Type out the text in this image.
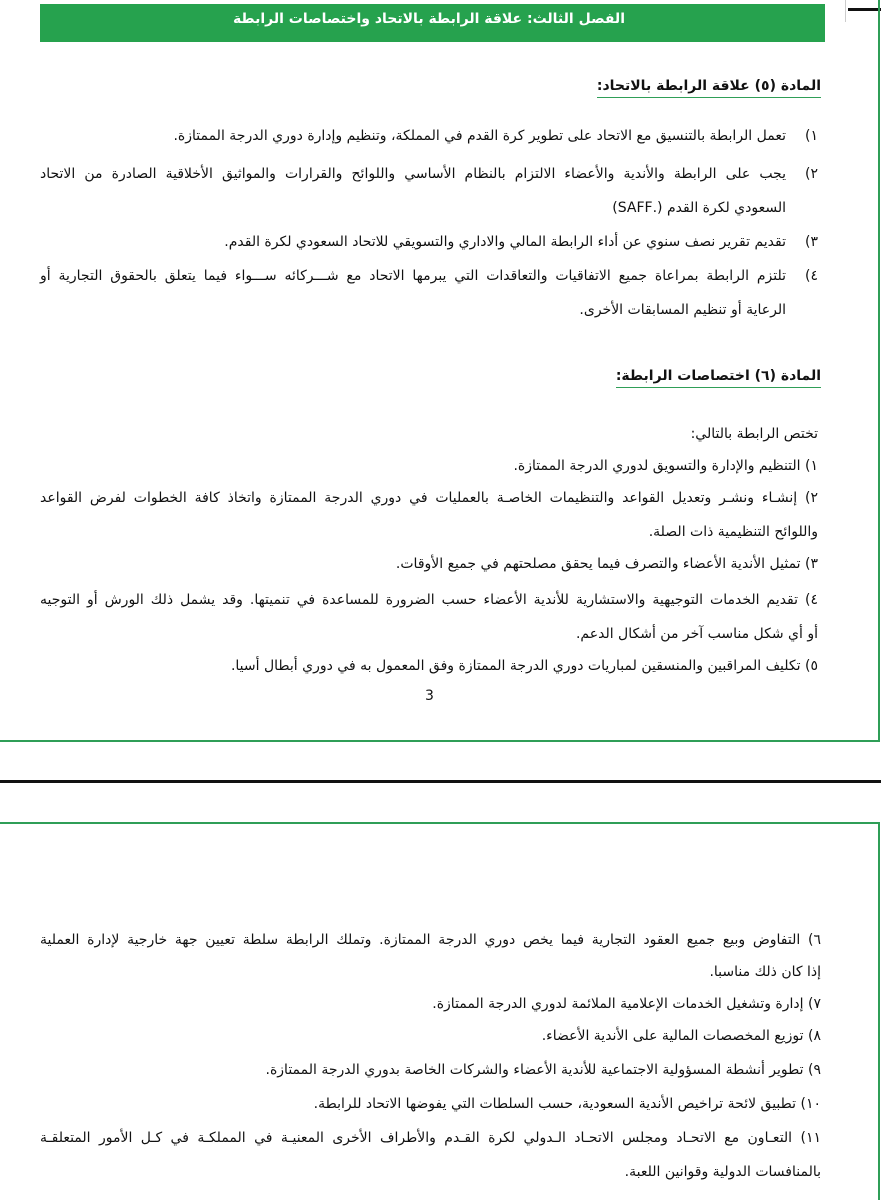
الفصل الثالث: علاقة الرابطة بالاتحاد واختصاصات الرابطة
المادة (٥) علاقة الرابطة بالاتحاد:
١)
تعمل الرابطة بالتنسيق مع الاتحاد على تطوير كرة القدم في المملكة، وتنظيم وإدارة دوري الدرجة الممتازة.
٢)
يجب على الرابطة والأندية والأعضاء الالتزام بالنظام الأساسي واللوائح والقرارات والمواثيق الأخلاقية الصادرة من الاتحاد
السعودي لكرة القدم (.SAFF)
٣)
تقديم تقرير نصف سنوي عن أداء الرابطة المالي والاداري والتسويقي للاتحاد السعودي لكرة القدم.
٤)
تلتزم الرابطة بمراعاة جميع الاتفاقيات والتعاقدات التي يبرمها الاتحاد مع شـــركائه ســـواء فيما يتعلق بالحقوق التجارية أو
الرعاية أو تنظيم المسابقات الأخرى.
المادة (٦) اختصاصات الرابطة:
تختص الرابطة بالتالي:
١) التنظيم والإدارة والتسويق لدوري الدرجة الممتازة.
٢) إنشـاء ونشـر وتعديل القواعد والتنظيمات الخاصـة بالعمليات في دوري الدرجة الممتازة واتخاذ كافة الخطوات لفرض القواعد
واللوائح التنظيمية ذات الصلة.
٣) تمثيل الأندية الأعضاء والتصرف فيما يحقق مصلحتهم في جميع الأوقات.
٤) تقديم الخدمات التوجيهية والاستشارية للأندية الأعضاء حسب الضرورة للمساعدة في تنميتها. وقد يشمل ذلك الورش أو التوجيه
أو أي شكل مناسب آخر من أشكال الدعم.
٥) تكليف المراقبين والمنسقين لمباريات دوري الدرجة الممتازة وفق المعمول به في دوري أبطال أسيا.
3
٦) التفاوض وبيع جميع العقود التجارية فيما يخص دوري الدرجة الممتازة. وتملك الرابطة سلطة تعيين جهة خارجية لإدارة العملية
إذا كان ذلك مناسبا.
٧) إدارة وتشغيل الخدمات الإعلامية الملائمة لدوري الدرجة الممتازة.
٨) توزيع المخصصات المالية على الأندية الأعضاء.
٩) تطوير أنشطة المسؤولية الاجتماعية للأندية الأعضاء والشركات الخاصة بدوري الدرجة الممتازة.
١٠) تطبيق لائحة تراخيص الأندية السعودية، حسب السلطات التي يفوضها الاتحاد للرابطة.
١١) التعـاون مع الاتحـاد ومجلس الاتحـاد الـدولي لكرة القـدم والأطراف الأخرى المعنيـة في المملكـة في كـل الأمور المتعلقـة
بالمنافسات الدولية وقوانين اللعبة.
